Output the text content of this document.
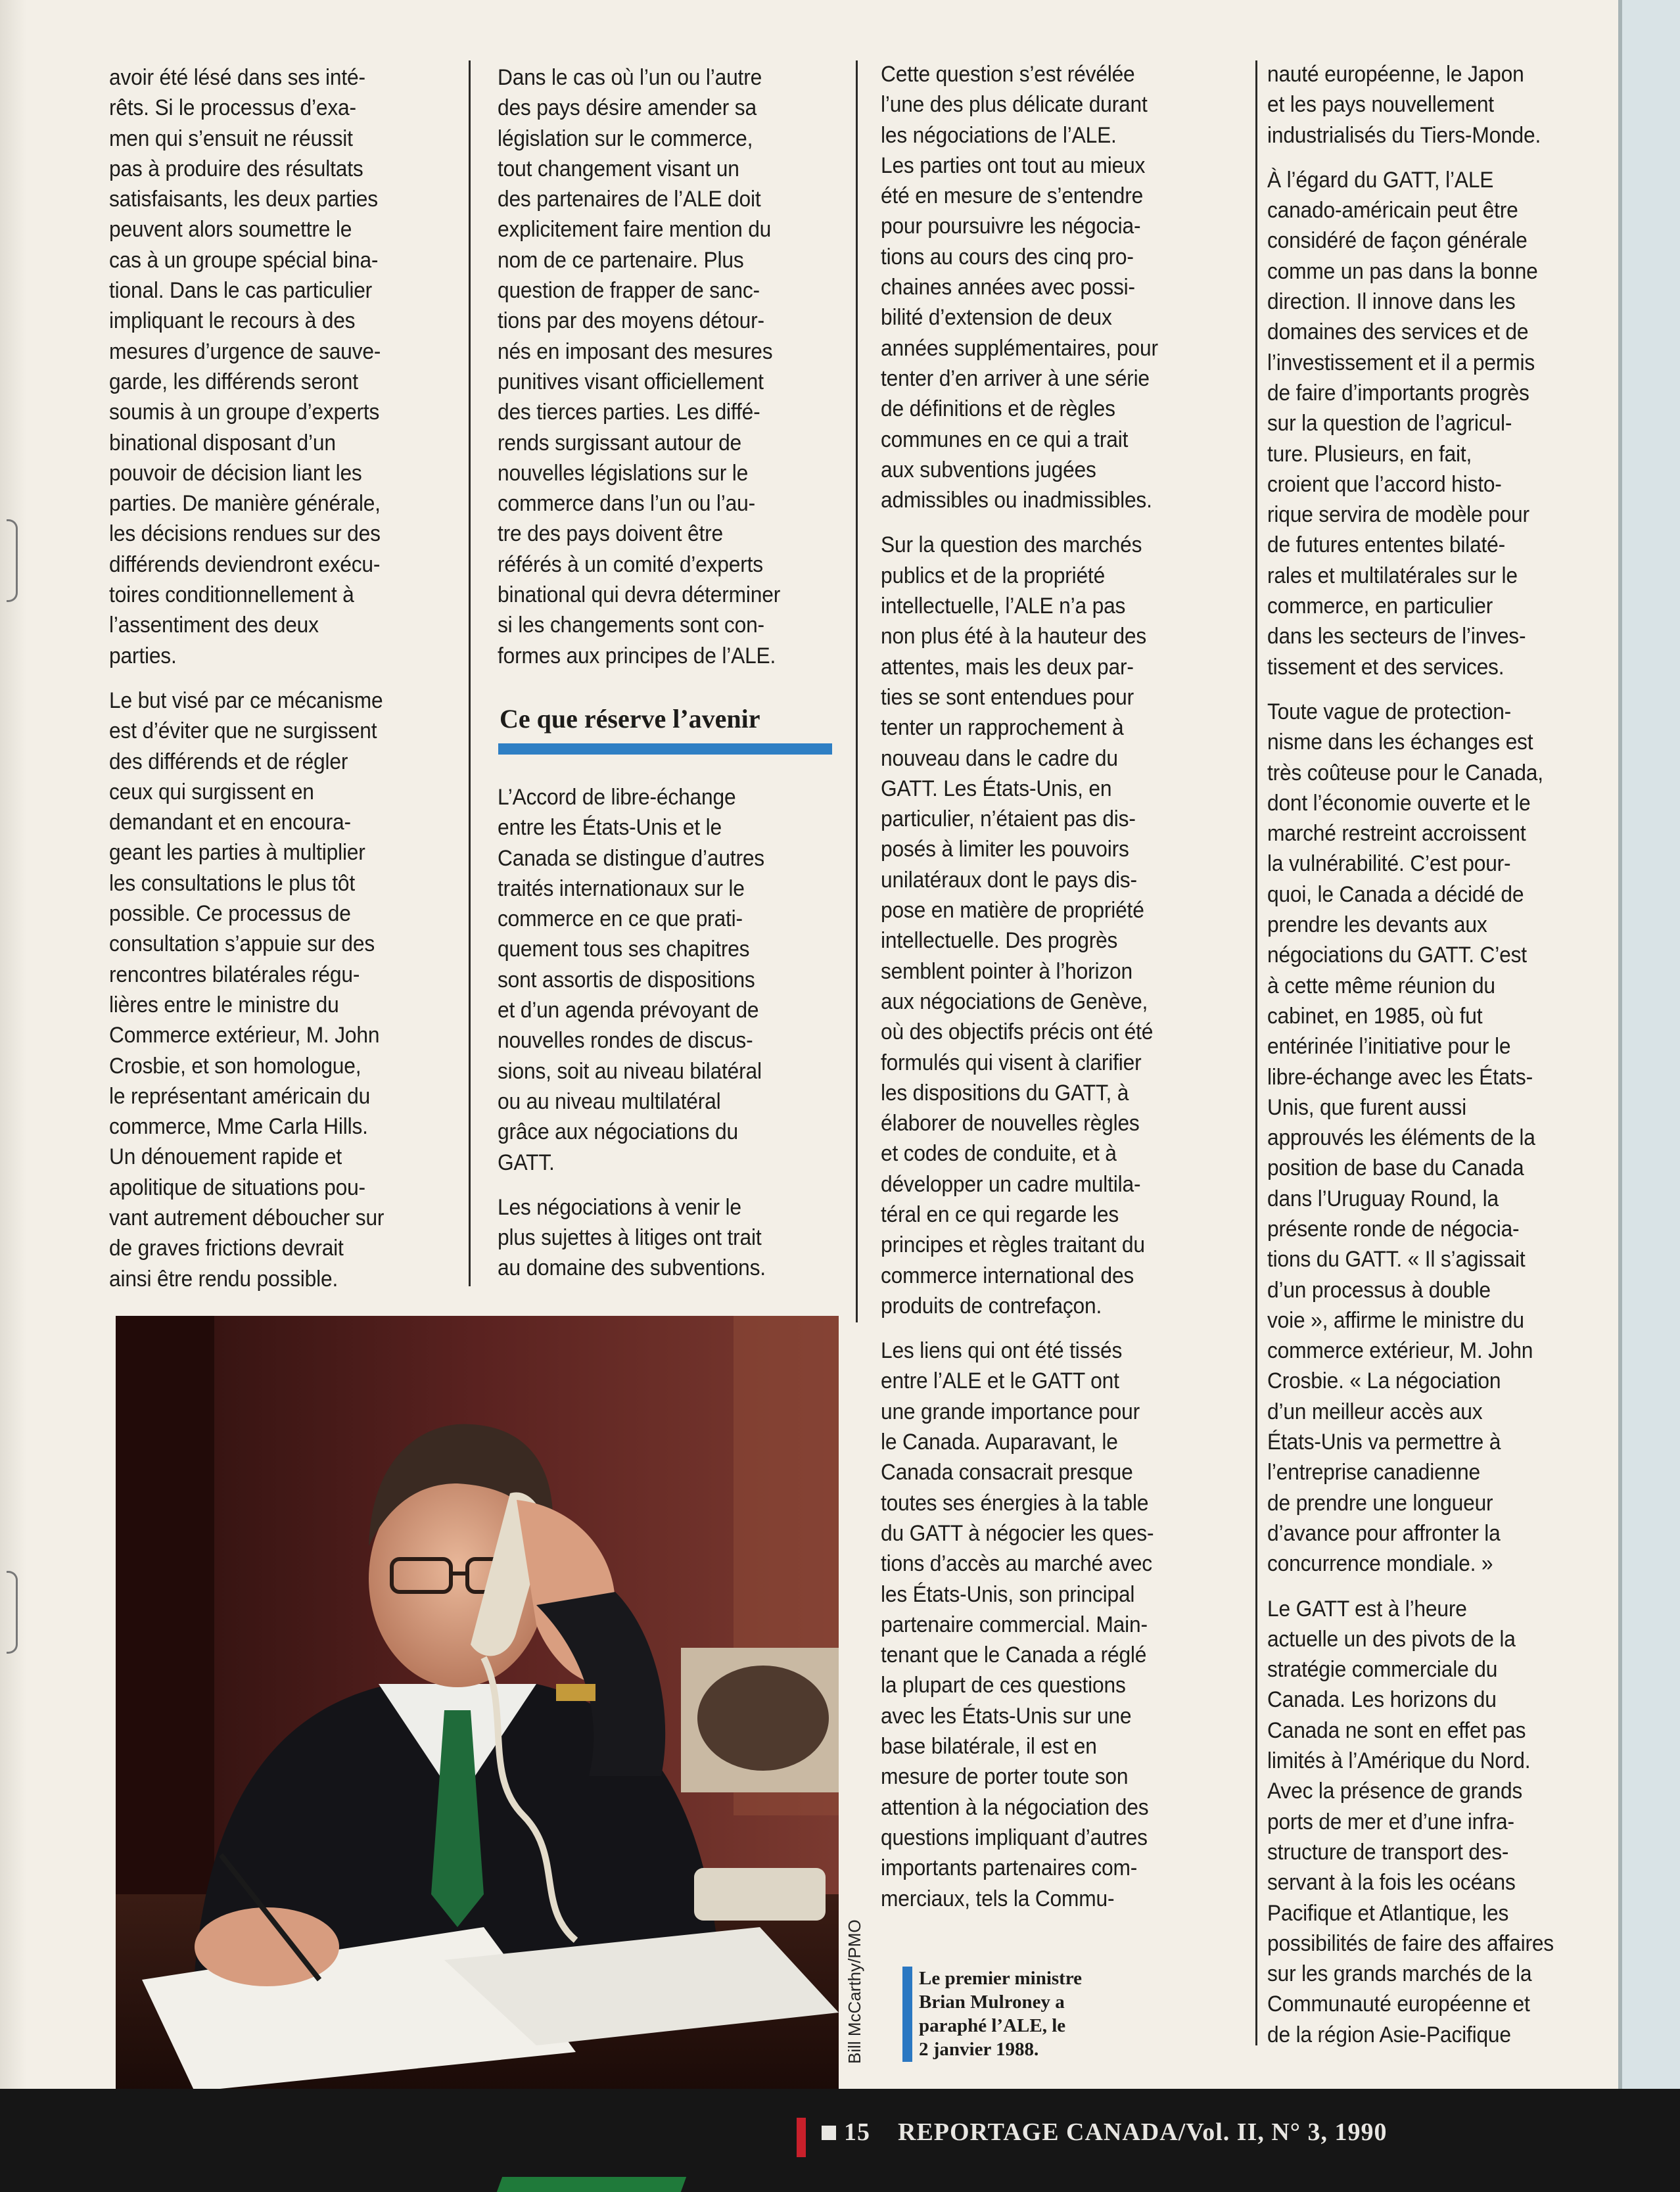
avoir été lésé dans ses inté-
rêts. Si le processus d’exa-
men qui s’ensuit ne réussit
pas à produire des résultats
satisfaisants, les deux parties
peuvent alors soumettre le
cas à un groupe spécial bina-
tional. Dans le cas particulier
impliquant le recours à des
mesures d’urgence de sauve-
garde, les différends seront
soumis à un groupe d’experts
binational disposant d’un
pouvoir de décision liant les
parties. De manière générale,
les décisions rendues sur des
différends deviendront exécu-
toires conditionnellement à
l’assentiment des deux
parties.

Le but visé par ce mécanisme
est d’éviter que ne surgissent
des différends et de régler
ceux qui surgissent en
demandant et en encoura-
geant les parties à multiplier
les consultations le plus tôt
possible. Ce processus de
consultation s’appuie sur des
rencontres bilatérales régu-
lières entre le ministre du
Commerce extérieur, M. John
Crosbie, et son homologue,
le représentant américain du
commerce, Mme Carla Hills.
Un dénouement rapide et
apolitique de situations pou-
vant autrement déboucher sur
de graves frictions devrait
ainsi être rendu possible.

Dans le cas où l’un ou l’autre
des pays désire amender sa
législation sur le commerce,
tout changement visant un
des partenaires de l’ALE doit
explicitement faire mention du
nom de ce partenaire. Plus
question de frapper de sanc-
tions par des moyens détour-
nés en imposant des mesures
punitives visant officiellement
des tierces parties. Les diffé-
rends surgissant autour de
nouvelles législations sur le
commerce dans l’un ou l’au-
tre des pays doivent être
référés à un comité d’experts
binational qui devra déterminer
si les changements sont con-
formes aux principes de l’ALE.

Ce que réserve l’avenir

L’Accord de libre-échange
entre les États-Unis et le
Canada se distingue d’autres
traités internationaux sur le
commerce en ce que prati-
quement tous ses chapitres
sont assortis de dispositions
et d’un agenda prévoyant de
nouvelles rondes de discus-
sions, soit au niveau bilatéral
ou au niveau multilatéral
grâce aux négociations du
GATT.

Les négociations à venir le
plus sujettes à litiges ont trait
au domaine des subventions.

Cette question s’est révélée
l’une des plus délicate durant
les négociations de l’ALE.
Les parties ont tout au mieux
été en mesure de s’entendre
pour poursuivre les négocia-
tions au cours des cinq pro-
chaines années avec possi-
bilité d’extension de deux
années supplémentaires, pour
tenter d’en arriver à une série
de définitions et de règles
communes en ce qui a trait
aux subventions jugées
admissibles ou inadmissibles.

Sur la question des marchés
publics et de la propriété
intellectuelle, l’ALE n’a pas
non plus été à la hauteur des
attentes, mais les deux par-
ties se sont entendues pour
tenter un rapprochement à
nouveau dans le cadre du
GATT. Les États-Unis, en
particulier, n’étaient pas dis-
posés à limiter les pouvoirs
unilatéraux dont le pays dis-
pose en matière de propriété
intellectuelle. Des progrès
semblent pointer à l’horizon
aux négociations de Genève,
où des objectifs précis ont été
formulés qui visent à clarifier
les dispositions du GATT, à
élaborer de nouvelles règles
et codes de conduite, et à
développer un cadre multila-
téral en ce qui regarde les
principes et règles traitant du
commerce international des
produits de contrefaçon.

Les liens qui ont été tissés
entre l’ALE et le GATT ont
une grande importance pour
le Canada. Auparavant, le
Canada consacrait presque
toutes ses énergies à la table
du GATT à négocier les ques-
tions d’accès au marché avec
les États-Unis, son principal
partenaire commercial. Main-
tenant que le Canada a réglé
la plupart de ces questions
avec les États-Unis sur une
base bilatérale, il est en
mesure de porter toute son
attention à la négociation des
questions impliquant d’autres
importants partenaires com-
merciaux, tels la Commu-

nauté européenne, le Japon
et les pays nouvellement
industrialisés du Tiers-Monde.

À l’égard du GATT, l’ALE
canado-américain peut être
considéré de façon générale
comme un pas dans la bonne
direction. Il innove dans les
domaines des services et de
l’investissement et il a permis
de faire d’importants progrès
sur la question de l’agricul-
ture. Plusieurs, en fait,
croient que l’accord histo-
rique servira de modèle pour
de futures ententes bilaté-
rales et multilatérales sur le
commerce, en particulier
dans les secteurs de l’inves-
tissement et des services.

Toute vague de protection-
nisme dans les échanges est
très coûteuse pour le Canada,
dont l’économie ouverte et le
marché restreint accroissent
la vulnérabilité. C’est pour-
quoi, le Canada a décidé de
prendre les devants aux
négociations du GATT. C’est
à cette même réunion du
cabinet, en 1985, où fut
entérinée l’initiative pour le
libre-échange avec les États-
Unis, que furent aussi
approuvés les éléments de la
position de base du Canada
dans l’Uruguay Round, la
présente ronde de négocia-
tions du GATT. « Il s’agissait
d’un processus à double
voie », affirme le ministre du
commerce extérieur, M. John
Crosbie. « La négociation
d’un meilleur accès aux
États-Unis va permettre à
l’entreprise canadienne
de prendre une longueur
d’avance pour affronter la
concurrence mondiale. »

Le GATT est à l’heure
actuelle un des pivots de la
stratégie commerciale du
Canada. Les horizons du
Canada ne sont en effet pas
limités à l’Amérique du Nord.
Avec la présence de grands
ports de mer et d’une infra-
structure de transport des-
servant à la fois les océans
Pacifique et Atlantique, les
possibilités de faire des affaires
sur les grands marchés de la
Communauté européenne et
de la région Asie-Pacifique

Bill McCarthy/PMO	Le premier ministre
Brian Mulroney a
paraphé l’ALE, le
2 janvier 1988.
15 REPORTAGE CANADA/Vol. II, N° 3, 1990
